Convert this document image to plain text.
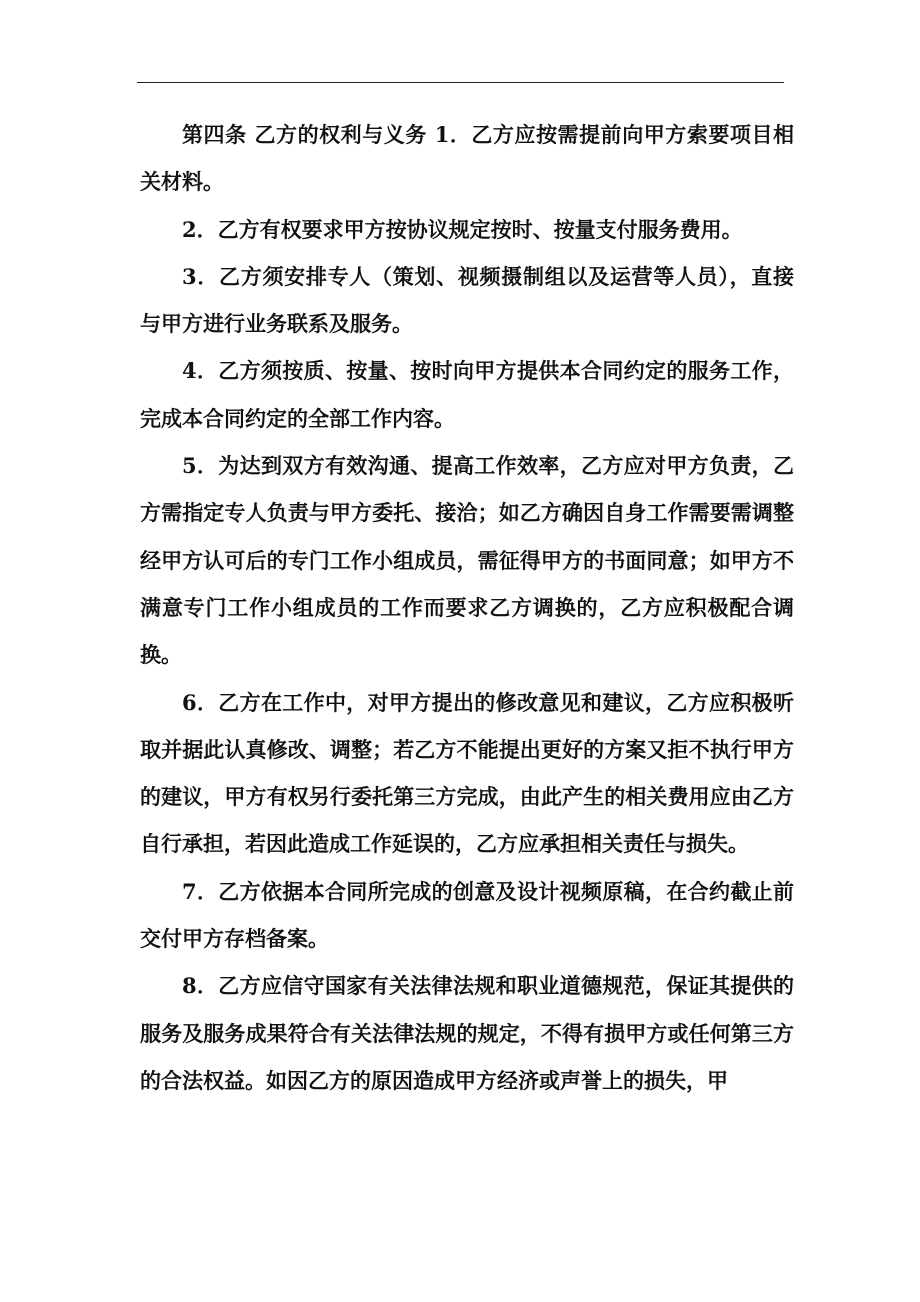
第四条 乙方的权利与义务 1．乙方应按需提前向甲方索要项目相关材料。

2．乙方有权要求甲方按协议规定按时、按量支付服务费用。

3．乙方须安排专人（策划、视频摄制组以及运营等人员），直接与甲方进行业务联系及服务。

4．乙方须按质、按量、按时向甲方提供本合同约定的服务工作，完成本合同约定的全部工作内容。

5．为达到双方有效沟通、提高工作效率，乙方应对甲方负责，乙方需指定专人负责与甲方委托、接洽；如乙方确因自身工作需要需调整经甲方认可后的专门工作小组成员，需征得甲方的书面同意；如甲方不满意专门工作小组成员的工作而要求乙方调换的，乙方应积极配合调换。

6．乙方在工作中，对甲方提出的修改意见和建议，乙方应积极听取并据此认真修改、调整；若乙方不能提出更好的方案又拒不执行甲方的建议，甲方有权另行委托第三方完成，由此产生的相关费用应由乙方自行承担，若因此造成工作延误的，乙方应承担相关责任与损失。

7．乙方依据本合同所完成的创意及设计视频原稿，在合约截止前交付甲方存档备案。

8．乙方应信守国家有关法律法规和职业道德规范，保证其提供的服务及服务成果符合有关法律法规的规定，不得有损甲方或任何第三方的合法权益。如因乙方的原因造成甲方经济或声誉上的损失，甲
